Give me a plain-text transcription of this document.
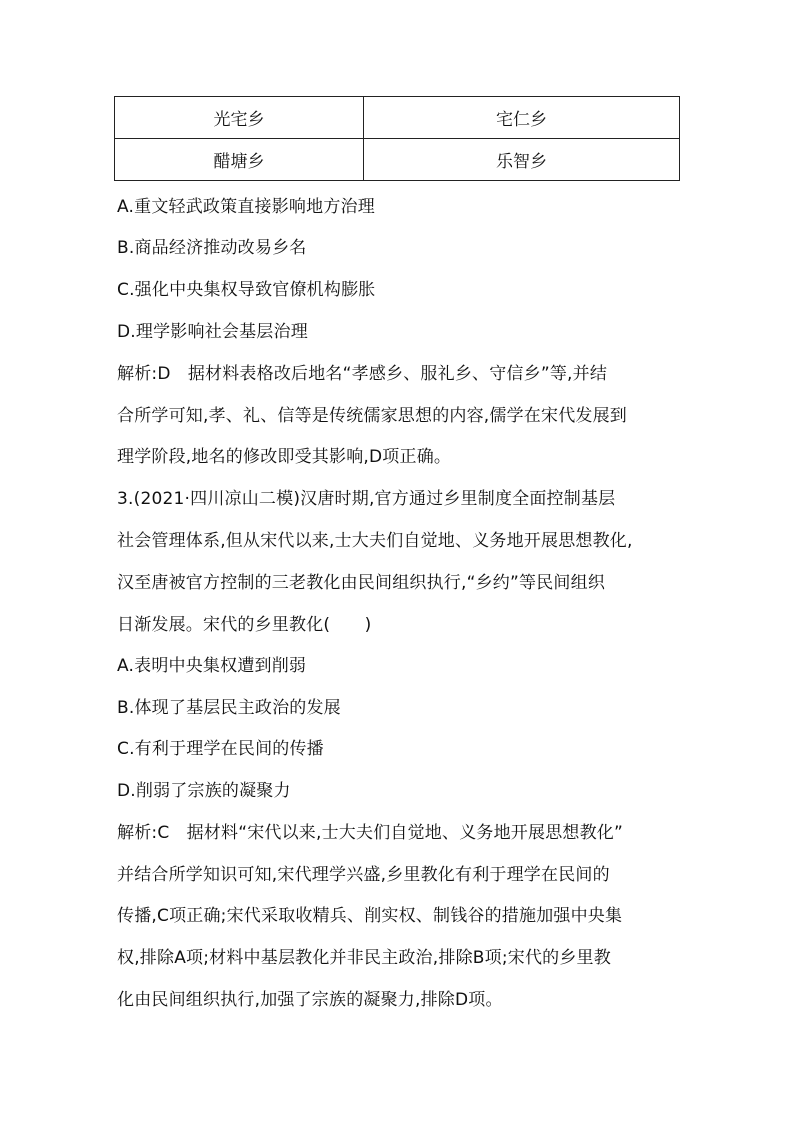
光宅乡	宅仁乡
醋塘乡	乐智乡
A.重文轻武政策直接影响地方治理
B.商品经济推动改易乡名
C.强化中央集权导致官僚机构膨胀
D.理学影响社会基层治理
解析:D　据材料表格改后地名“孝感乡、服礼乡、守信乡”等,并结
合所学可知,孝、礼、信等是传统儒家思想的内容,儒学在宋代发展到
理学阶段,地名的修改即受其影响,D项正确。
3.(2021·四川凉山二模)汉唐时期,官方通过乡里制度全面控制基层
社会管理体系,但从宋代以来,士大夫们自觉地、义务地开展思想教化,
汉至唐被官方控制的三老教化由民间组织执行,“乡约”等民间组织
日渐发展。宋代的乡里教化(　　)
A.表明中央集权遭到削弱
B.体现了基层民主政治的发展
C.有利于理学在民间的传播
D.削弱了宗族的凝聚力
解析:C　据材料“宋代以来,士大夫们自觉地、义务地开展思想教化”
并结合所学知识可知,宋代理学兴盛,乡里教化有利于理学在民间的
传播,C项正确;宋代采取收精兵、削实权、制钱谷的措施加强中央集
权,排除A项;材料中基层教化并非民主政治,排除B项;宋代的乡里教
化由民间组织执行,加强了宗族的凝聚力,排除D项。
